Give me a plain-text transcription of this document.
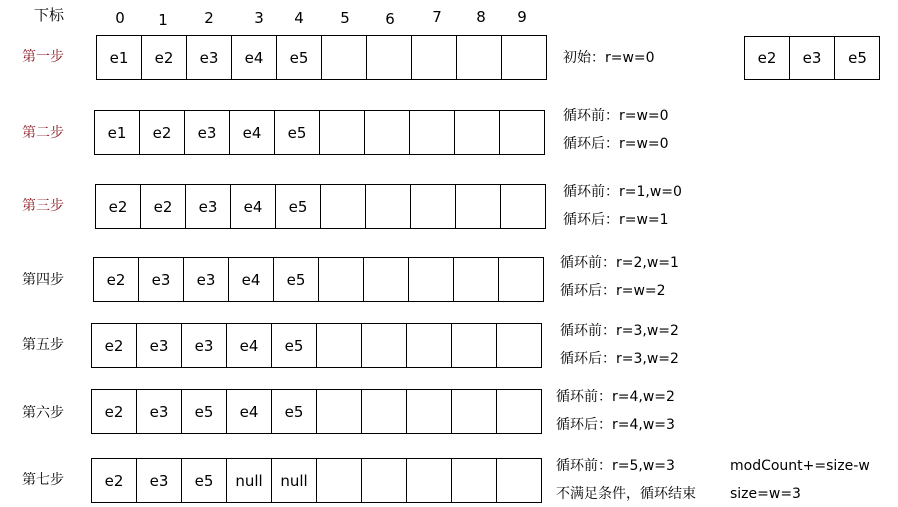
下标	0	1	2	3	4	5	6	7	8	9
第一步	e1	e2	e3	e4	e5	初始：r=w=0	e2	e3	e5
第二步	e1	e2	e3	e4	e5
循环前：r=w=0
循环后：r=w=0
第三步	e2	e2	e3	e4	e5
循环前：r=1,w=0
循环后：r=w=1
第四步	e2	e3	e3	e4	e5
循环前：r=2,w=1
循环后：r=w=2
第五步	e2	e3	e3	e4	e5
循环前：r=3,w=2
循环后：r=3,w=2
第六步	e2	e3	e5	e4	e5
循环前：r=4,w=2
循环后：r=4,w=3
第七步	e2	e3	e5	null	null
循环前：r=5,w=3
不满足条件，循环结束
modCount+=size-w
size=w=3
